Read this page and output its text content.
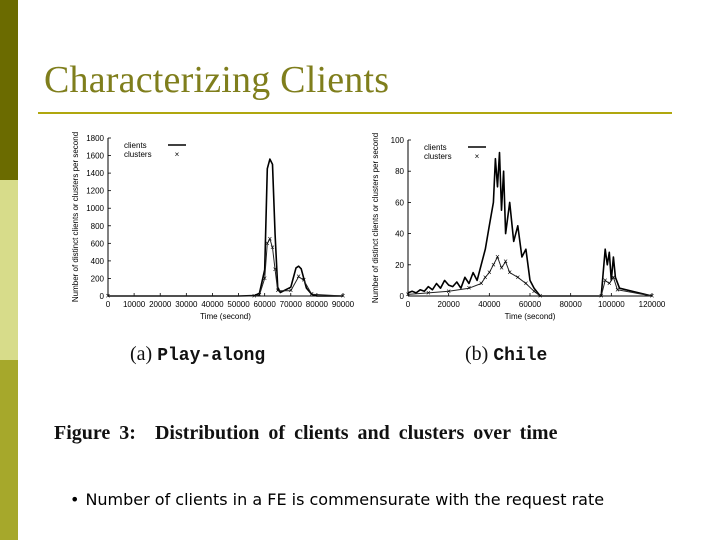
Characterizing Clients
0
200
400
600
800
1000
1200
1400
1600
1800
0 10000 20000 30000 40000 50000 60000 70000 80000 90000
Time (second)
Number of distinct clients or clusters per second	×	× ×
×
×
×
×
×
× ×
× ×
×	×
clients
clusters	×
0
20
40
60
80
100
0	20000 40000 60000 80000 100000 120000
Time (second)
Number of distinct clients or clusters per second	× × × ×
×
×
×
×
×
×
×
×
×
×
×
×	×
× ×
×
×
×
clients
clusters	×
(a) Play-along	(b) Chile

Figure 3: Distribution of clients and clusters over time

• Number of clients in a FE is commensurate with the request rate
